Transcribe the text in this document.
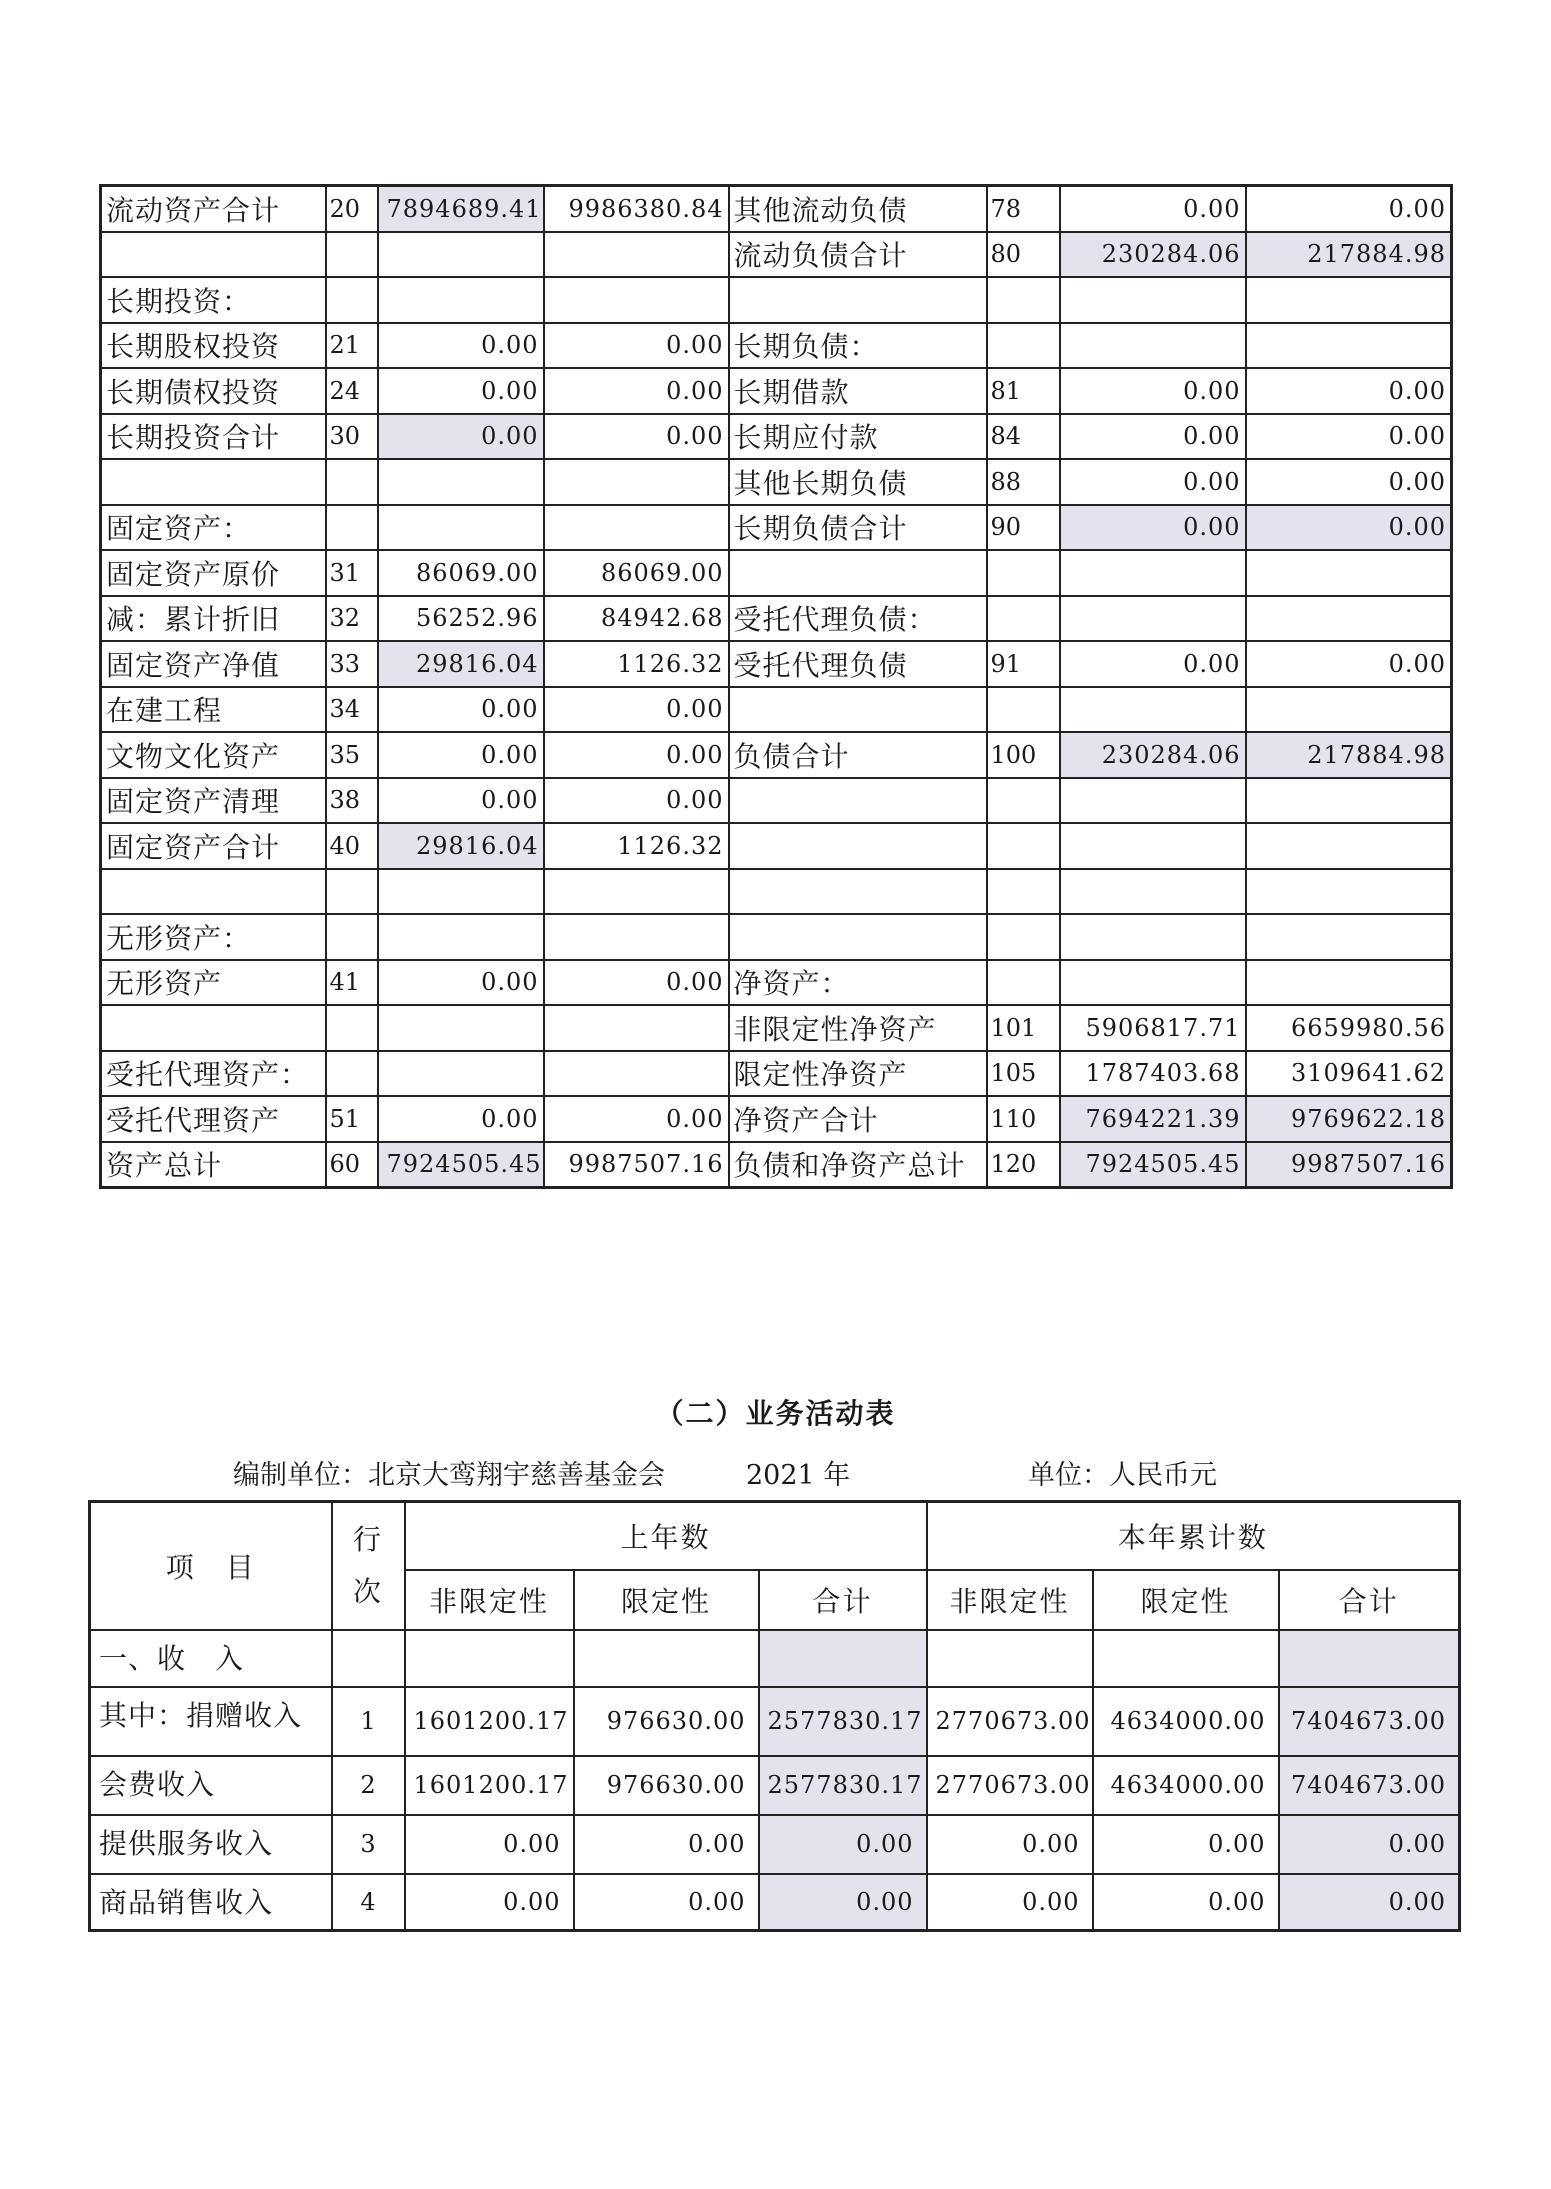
流动资产合计	20	7894689.41	9986380.84	其他流动负债	78	0.00	0.00
				流动负债合计	80	230284.06	217884.98
长期投资：							
长期股权投资	21	0.00	0.00	长期负债：			
长期债权投资	24	0.00	0.00	长期借款	81	0.00	0.00
长期投资合计	30	0.00	0.00	长期应付款	84	0.00	0.00
				其他长期负债	88	0.00	0.00
固定资产：				长期负债合计	90	0.00	0.00
固定资产原价	31	86069.00	86069.00				
减：累计折旧	32	56252.96	84942.68	受托代理负债：			
固定资产净值	33	29816.04	1126.32	受托代理负债	91	0.00	0.00
在建工程	34	0.00	0.00				
文物文化资产	35	0.00	0.00	负债合计	100	230284.06	217884.98
固定资产清理	38	0.00	0.00				
固定资产合计	40	29816.04	1126.32				

无形资产：							
无形资产	41	0.00	0.00	净资产：			
				非限定性净资产	101	5906817.71	6659980.56
受托代理资产：				限定性净资产	105	1787403.68	3109641.62
受托代理资产	51	0.00	0.00	净资产合计	110	7694221.39	9769622.18
资产总计	60	7924505.45	9987507.16	负债和净资产总计	120	7924505.45	9987507.16
（二）业务活动表
编制单位：北京大鸾翔宇慈善基金会	2021 年	单位：人民币元
项　目	行次	上年数			本年累计数		
		非限定性	限定性	合计	非限定性	限定性	合计
一、收　入							
其中：捐赠收入	1	1601200.17	976630.00	2577830.17	2770673.00	4634000.00	7404673.00
会费收入	2	1601200.17	976630.00	2577830.17	2770673.00	4634000.00	7404673.00
提供服务收入	3	0.00	0.00	0.00	0.00	0.00	0.00
商品销售收入	4	0.00	0.00	0.00	0.00	0.00	0.00
